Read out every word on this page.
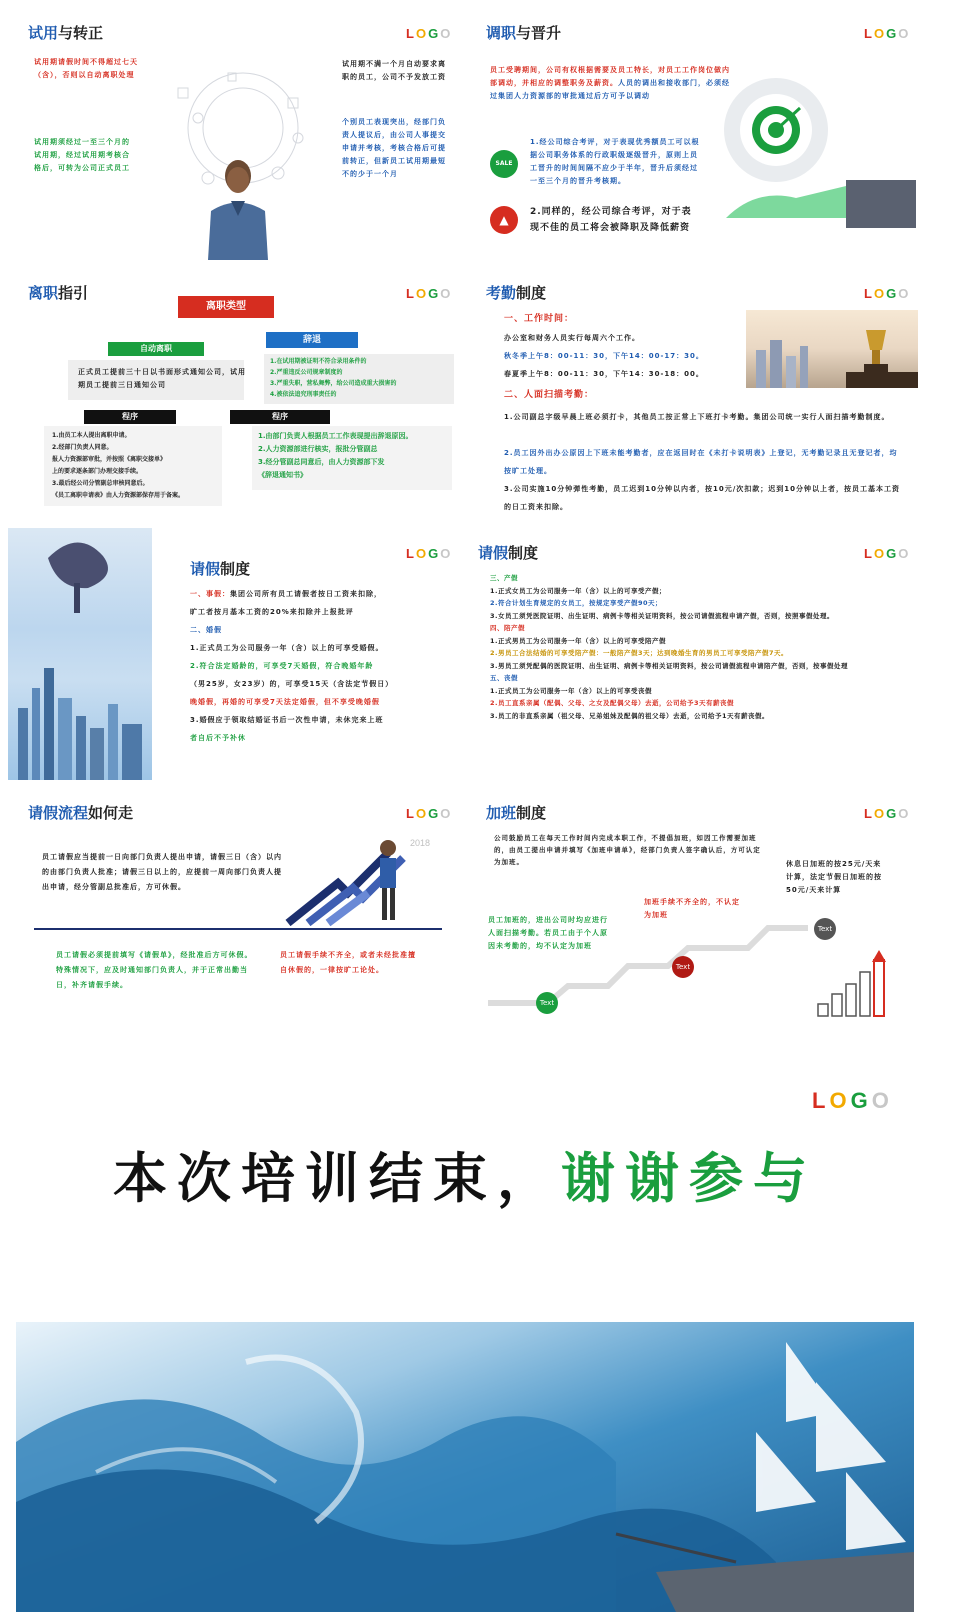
试用与转正	LOGO
试用期请假时间不得超过七天（含），否则以自动离职处理
试用期须经过一至三个月的试用期，经过试用期考核合格后，可转为公司正式员工
试用期不满一个月自动要求离职的员工，公司不予发放工资
个别员工表现突出，经部门负责人提议后，由公司人事提交申请并考核，考核合格后可提前转正，但新员工试用期最短不的少于一个月
调职与晋升	LOGO
员工受聘期间，公司有权根据需要及员工特长，对员工工作岗位做内部调动，并相应的调整职务及薪资。人员的调出和接收部门，必须经过集团人力资源部的审批通过后方可予以调动
SALE
▲
1.经公司综合考评，对于表现优秀额员工可以根据公司职务体系的行政职级逐级晋升，原则上员工晋升的时间间隔不应少于半年，晋升后须经过一至三个月的晋升考核期。
2.同样的，经公司综合考评，对于表现不佳的员工将会被降职及降低薪资
离职指引	LOGO
离职类型
自动离职
辞退
正式员工提前三十日以书面形式通知公司，试用期员工提前三日通知公司
1.在试用期被证明不符合录用条件的
2.严重违反公司规章制度的
3.严重失职，营私舞弊，给公司造成重大损害的
4.被依法追究刑事责任的
程序	程序
1.由员工本人提出离职申请。
2.经部门负责人同意。
报人力资源部审批，并按照《离职交接单》
上的要求逐条部门办理交接手续。
3.最后经公司分管副总审核同意后。
《员工离职申请表》由人力资源部保存用于备案。
1.由部门负责人根据员工工作表现提出辞退原因。
2.人力资源部进行核实，报批分管副总
3.经分管副总同意后，由人力资源部下发
《辞退通知书》
考勤制度	LOGO
一、工作时间：
办公室和财务人员实行每周六个工作。
秋冬季上午8：00-11：30，下午14：00-17：30。
春夏季上午8：00-11：30，下午14：30-18：00。
二、人面扫描考勤：
1.公司副总字级早晨上班必须打卡，其他员工按正常上下班打卡考勤。集团公司统一实行人面扫描考勤制度。
2.员工因外出办公原因上下班未能考勤者，应在返回时在《未打卡说明表》上登记，无考勤记录且无登记者，均按旷工处理。
3.公司实施10分钟弹性考勤，员工迟到10分钟以内者，按10元/次扣款；迟到10分钟以上者，按员工基本工资的日工资来扣除。
请假制度
LOGO
一、事假：集团公司所有员工请假者按日工资来扣除，
旷工者按月基本工资的20%来扣除并上报批评
二、婚假
1.正式员工为公司服务一年（含）以上的可享受婚假。
2.符合法定婚龄的，可享受7天婚假，符合晚婚年龄
（男25岁，女23岁）的，可享受15天（含法定节假日）
晚婚假，再婚的可享受7天法定婚假，但不享受晚婚假
3.婚假应于领取结婚证书后一次性申请，未休完来上班
者自后不予补休
请假制度	LOGO
三、产假
1.正式女员工为公司服务一年（含）以上的可享受产假；
2.符合计划生育规定的女员工，按规定享受产假90天；
3.女员工须凭医院证明、出生证明、病例卡等相关证明资料，按公司请假流程申请产假，否则，按照事假处理。
四、陪产假
1.正式男员工为公司服务一年（含）以上的可享受陪产假
2.男员工合法结婚的可享受陪产假：一般陪产假3天；达到晚婚生育的男员工可享受陪产假7天。
3.男员工须凭配偶的医院证明、出生证明、病例卡等相关证明资料，按公司请假流程申请陪产假，否则，按事假处理
五、丧假
1.正式员工为公司服务一年（含）以上的可享受丧假
2.员工直系亲属（配偶、父母、之女及配偶父母）去逝，公司给予3天有薪丧假
3.员工的非直系亲属（祖父母、兄弟姐妹及配偶的祖父母）去逝，公司给予1天有薪丧假。
请假流程如何走	LOGO
员工请假应当提前一日向部门负责人提出申请，请假三日（含）以内的由部门负责人批准；请假三日以上的，应提前一周向部门负责人提出申请，经分管副总批准后，方可休假。
2018
员工请假必须提前填写《请假单》，经批准后方可休假。特殊情况下，应及时通知部门负责人，并于正常出勤当日，补齐请假手续。
员工请假手续不齐全，或者未经批准擅自休假的，一律按旷工论处。
加班制度	LOGO
公司鼓励员工在每天工作时间内完成本职工作，不提倡加班，如因工作需要加班的，由员工提出申请并填写《加班申请单》，经部门负责人签字确认后，方可认定为加班。	休息日加班的按25元/天来计算，法定节假日加班的按50元/天来计算
加班手续不齐全的，不认定为加班
员工加班的，进出公司时均应进行人面扫描考勤。若员工由于个人原因未考勤的，均不认定为加班
Text
Text
Text
LOGO
本次培训结束，谢谢参与
